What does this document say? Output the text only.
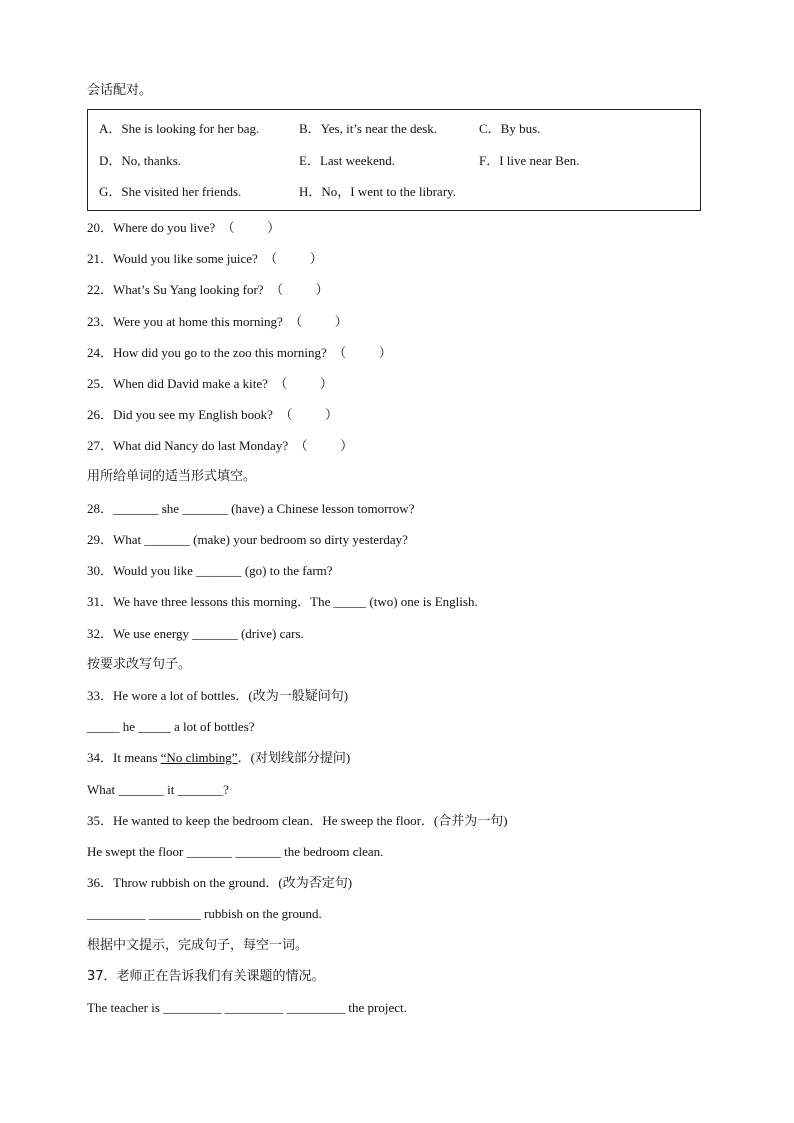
会话配对。
A．She is looking for her bag.	B．Yes, it’s near the desk.	C．By bus.
D．No, thanks.	E．Last weekend.	F．I live near Ben.
G．She visited her friends.	H．No，I went to the library.
20．Where do you live?  （          ）
21．Would you like some juice?  （          ）
22．What’s Su Yang looking for?  （          ）
23．Were you at home this morning?  （          ）
24．How did you go to the zoo this morning?  （          ）
25．When did David make a kite?  （          ）
26．Did you see my English book?  （          ）
27．What did Nancy do last Monday?  （          ）
用所给单词的适当形式填空。
28．_______ she _______ (have) a Chinese lesson tomorrow?
29．What _______ (make) your bedroom so dirty yesterday?
30．Would you like _______ (go) to the farm?
31．We have three lessons this morning．The _____ (two) one is English.
32．We use energy _______ (drive) cars.
按要求改写句子。
33．He wore a lot of bottles．(改为一般疑问句)
_____ he _____ a lot of bottles?
34．It means “No climbing”．(对划线部分提问)
What _______ it _______?
35．He wanted to keep the bedroom clean．He sweep the floor．(合并为一句)
He swept the floor _______ _______ the bedroom clean.
36．Throw rubbish on the ground．(改为否定句)
_________ ________ rubbish on the ground.
根据中文提示，完成句子，每空一词。
37．老师正在告诉我们有关课题的情况。
The teacher is _________ _________ _________ the project.
